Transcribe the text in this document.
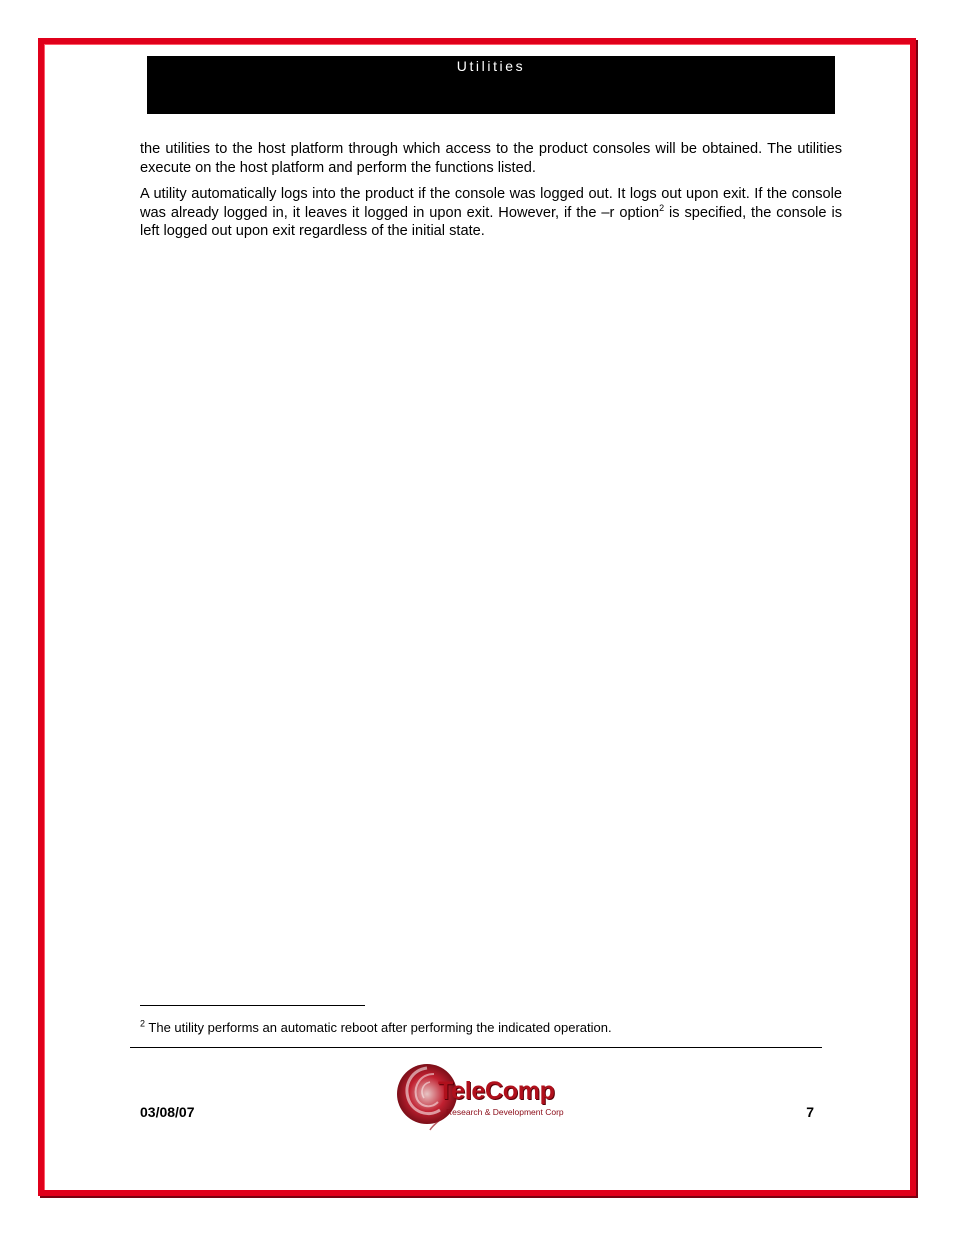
Utilities

the utilities to the host platform through which access to the product consoles will be obtained. The utilities execute on the host platform and perform the functions listed.

A utility automatically logs into the product if the console was logged out. It logs out upon exit. If the console was already logged in, it leaves it logged in upon exit. However, if the –r option$^2$ is specified, the console is left logged out upon exit regardless of the initial state.

$^2$ The utility performs an automatic reboot after performing the indicated operation.
03/08/07
TeleComp
Research & Development Corp	7
